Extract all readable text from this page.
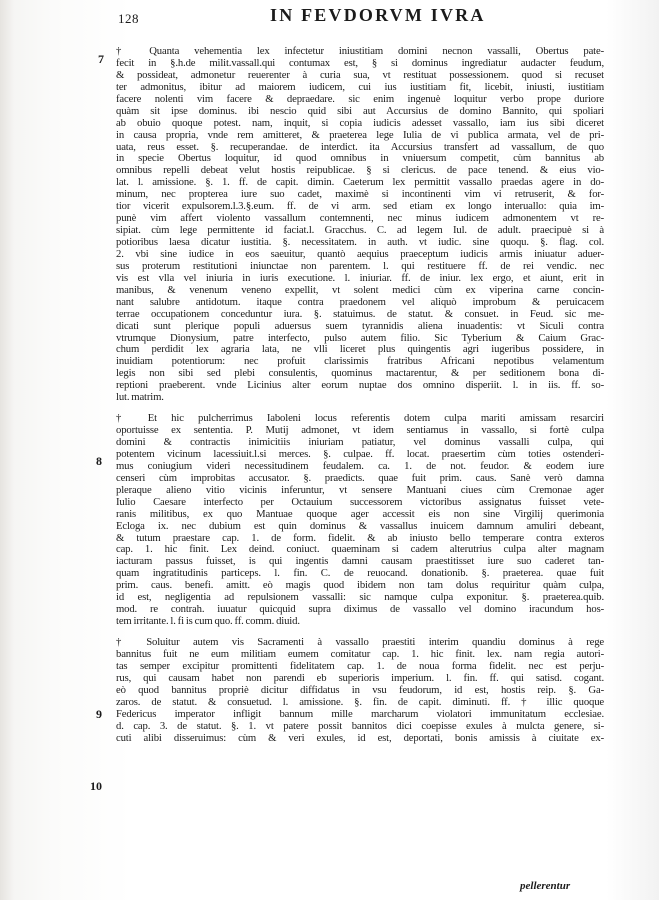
128	IN FEVDORVM IVRA
7
8
9
10
† Quanta vehementia lex infectetur iniustitiam domini necnon vassalli, Obertus pate-
fecit in §.h.de milit.vassall.qui contumax est, § si dominus ingrediatur audacter feudum,
& possideat, admonetur reuerenter à curia sua, vt restituat possessionem. quod si recuset
ter admonitus, ibitur ad maiorem iudicem, cui ius iustitiam fit, licebit, iniusti, iustitiam
facere nolenti vim facere & depraedare. sic enim ingenuè loquitur verbo prope duriore
quàm sit ipse dominus. ibi nescio quid sibi aut Accursius de domino Bannito, qui spoliari
ab obuio quoque potest. nam, inquit, si copia iudicis adesset vassallo, iam ius sibi diceret
in causa propria, vnde rem amitteret, & praeterea lege Iulia de vi publica armata, vel de pri-
uata, reus esset. §. recuperandae. de interdict. ita Accursius transfert ad vassallum, de quo
in specie Obertus loquitur, id quod omnibus in vniuersum competit, cùm bannitus ab
omnibus repelli debeat velut hostis reipublicae. § si clericus. de pace tenend. & eius vio-
lat. l. amissione. §. 1. ff. de capit. dimin. Caeterum lex permittit vassallo praedas agere in do-
minum, nec propterea iure suo cadet, maximè si incontinenti vim vi retruserit, & for-
tior vicerit expulsorem.l.3.§.eum. ff. de vi arm. sed etiam ex longo interuallo: quia im-
punè vim affert violento vassallum contemnenti, nec minus iudicem admonentem vt re-
sipiat. cùm lege permittente id faciat.l. Gracchus. C. ad legem Iul. de adult. praecipuè si à
potioribus laesa dicatur iustitia. §. necessitatem. in auth. vt iudic. sine quoqu. §. flag. col.
2. vbi sine iudice in eos saeuitur, quantò aequius praeceptum iudicis armis iniuatur aduer-
sus proterum restitutioni iniunctae non parentem. l. qui restituere ff. de rei vendic. nec
vis est vlla vel iniuria in iuris executione. l. iniuriar. ff. de iniur. lex ergo, et aiunt, erit in
manibus, & venenum veneno expellit, vt solent medici cùm ex viperina carne concin-
nant salubre antidotum. itaque contra praedonem vel aliquò improbum & peruicacem
terrae occupationem conceduntur iura. §. statuimus. de statut. & consuet. in Feud. sic me-
dicati sunt plerique populi aduersus suem tyrannidis aliena inuadentis: vt Siculi contra
vtrumque Dionysium, patre interfecto, pulso autem filio. Sic Tyberium & Caium Grac-
chum perdidit lex agraria lata, ne vlli liceret plus quingentis agri iugeribus possidere, in
inuidiam potentiorum: nec profuit clarissimis fratribus Africani nepotibus velamentum
legis non sibi sed plebi consulentis, quominus mactarentur, & per seditionem bona di-
reptioni praeberent. vnde Licinius alter eorum nuptae dos omnino disperiit. l. in iis. ff. so-
lut. matrim.
† Et hic pulcherrimus Iaboleni locus referentis dotem culpa mariti amissam resarciri
oportuisse ex sententia. P. Mutij admonet, vt idem sentiamus in vassallo, si fortè culpa
domini & contractis inimicitiis iniuriam patiatur, vel dominus vassalli culpa, qui
potentem vicinum lacessiuit.l.si merces. §. culpae. ff. locat. praesertim cùm toties ostenderi-
mus coniugium videri necessitudinem feudalem. ca. 1. de not. feudor. & eodem iure
censeri cùm improbitas accusator. §. praedicts. quae fuit prim. caus. Sanè verò damna
pleraque alieno vitio vicinis inferuntur, vt sensere Mantuani ciues cùm Cremonae ager
Iulio Caesare interfecto per Octauium successorem victoribus assignatus fuisset vete-
ranis militibus, ex quo Mantuae quoque ager accessit eis non sine Virgilij querimonia
Ecloga ix. nec dubium est quin dominus & vassallus inuicem damnum amuliri debeant,
& tutum praestare cap. 1. de form. fidelit. & ab iniusto bello temperare contra exteros
cap. 1. hic finit. Lex deind. coniuct. quaeminam si cadem alterutrius culpa alter magnam
iacturam passus fuisset, is qui ingentis damni causam praestitisset iure suo caderet tan-
quam ingratitudinis particeps. l. fin. C. de reuocand. donationib. §. praeterea. quae fuit
prim. caus. benefi. amitt. eò magis quod ibidem non tam dolus requiritur quàm culpa,
id est, negligentia ad repulsionem vassalli: sic namque culpa exponitur. §. praeterea.quib.
mod. re contrah. iuuatur quicquid supra diximus de vassallo vel domino iracundum hos-
tem irritante. l. fi is cum quo. ff. comm. diuid.
† Soluitur autem vis Sacramenti à vassallo praestiti interim quandiu dominus à rege
bannitus fuit ne eum militiam eumem comitatur cap. 1. hic finit. lex. nam regia autori-
tas semper excipitur promittenti fidelitatem cap. 1. de noua forma fidelit. nec est perju-
rus, qui causam habet non parendi eb superioris imperium. l. fin. ff. qui satisd. cogant.
eò quod bannitus propriè dicitur diffidatus in vsu feudorum, id est, hostis reip. §. Ga-
zaros. de statut. & consuetud. l. amissione. §. fin. de capit. diminuti. ff. † illic quoque
Federicus imperator infligit bannum mille marcharum violatori immunitatum ecclesiae.
d. cap. 3. de statut. §. 1. vt patere possit bannitos dici coepisse exules à mulcta genere, si-
cuti alibi disseruimus: cùm & veri exules, id est, deportati, bonis amissis à ciuitate ex-
pellerentur
